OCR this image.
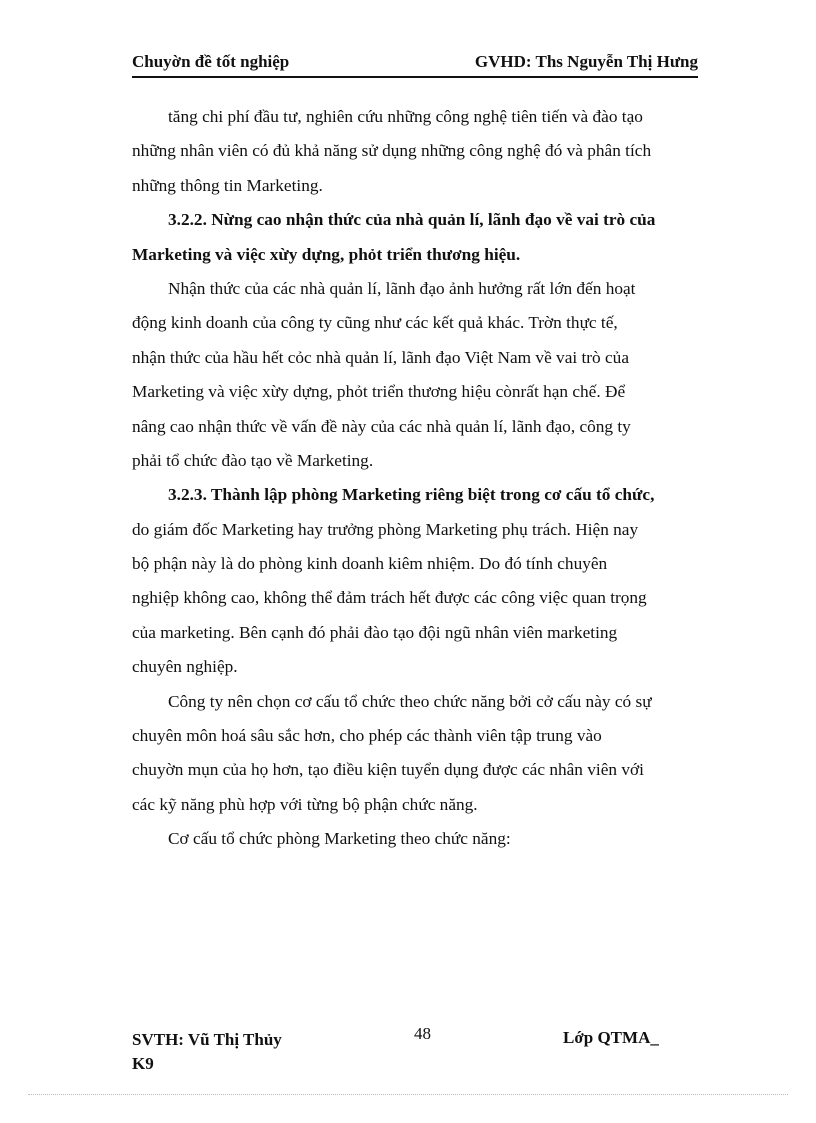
Chuyờn đề tốt nghiệp	GVHD: Ths Nguyễn Thị Hưng
tăng chi phí đầu tư, nghiên cứu những công nghệ tiên tiến và đào tạo
những nhân viên có đủ khả năng sử dụng những công nghệ đó và phân tích
những thông tin Marketing.
3.2.2. Nừng cao nhận thức của nhà quản lí, lãnh đạo về vai trò của
Marketing và việc xừy dựng, phỏt triển thương hiệu.
Nhận thức của các nhà quản lí, lãnh đạo ảnh hưởng rất lớn đến hoạt
động kinh doanh của công ty cũng như các kết quả khác. Trờn thực tế,
nhận thức của hầu hết cỏc nhà quản lí, lãnh đạo Việt Nam về vai trò của
Marketing và việc xừy dựng, phỏt triển thương hiệu cònrất hạn chế. Để
nâng cao nhận thức về vấn đề này của các nhà quản lí, lãnh đạo, công ty
phải tổ chức đào tạo về Marketing.
3.2.3. Thành lập phòng Marketing riêng biệt trong cơ cấu tổ chức,
do giám đốc Marketing hay trưởng phòng Marketing phụ trách. Hiện nay
bộ phận này là do phòng kinh doanh kiêm nhiệm. Do đó tính chuyên
nghiệp không cao, không thể đảm trách hết được các công việc quan trọng
của marketing. Bên cạnh đó phải đào tạo đội ngũ nhân viên marketing
chuyên nghiệp.
Công ty nên chọn cơ cấu tổ chức theo chức năng bởi cở cấu này có sự
chuyên môn hoá sâu sắc hơn, cho phép các thành viên tập trung vào
chuyờn mụn của họ hơn, tạo điều kiện tuyển dụng được các nhân viên với
các kỹ năng phù hợp với từng bộ phận chức năng.
Cơ cấu tổ chức phòng Marketing theo chức năng:
SVTH: Vũ Thị Thủy
K9
48	Lớp QTMA_
